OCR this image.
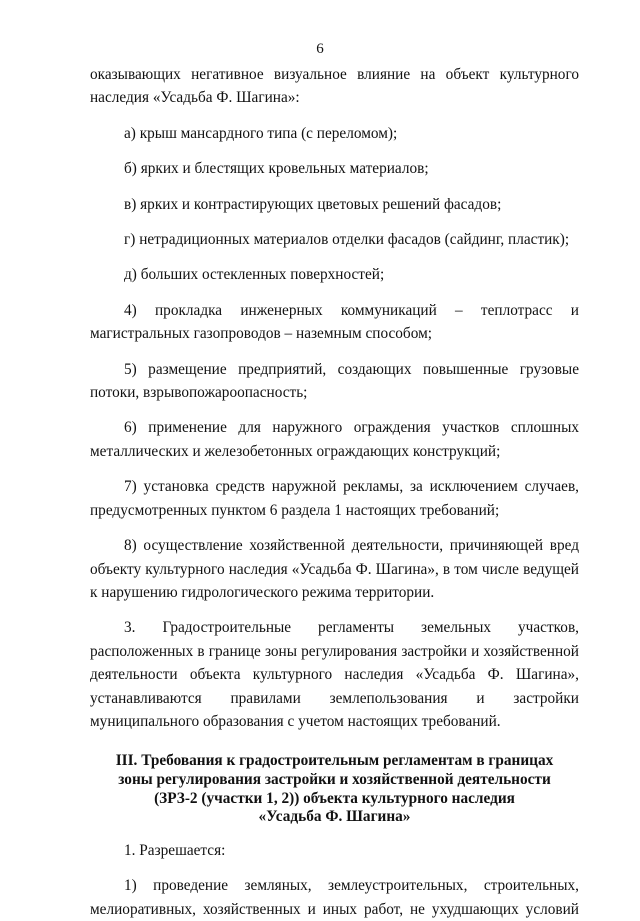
6

оказывающих негативное визуальное влияние на объект культурного наследия «Усадьба Ф. Шагина»:

а) крыш мансардного типа (с переломом);

б) ярких и блестящих кровельных материалов;

в) ярких и контрастирующих цветовых решений фасадов;

г) нетрадиционных материалов отделки фасадов (сайдинг, пластик);

д) больших остекленных поверхностей;

4) прокладка инженерных коммуникаций – теплотрасс и магистральных газопроводов – наземным способом;

5) размещение предприятий, создающих повышенные грузовые потоки, взрывопожароопасность;

6) применение для наружного ограждения участков сплошных металлических и железобетонных ограждающих конструкций;

7) установка средств наружной рекламы, за исключением случаев, предусмотренных пунктом 6 раздела 1 настоящих требований;

8) осуществление хозяйственной деятельности, причиняющей вред объекту культурного наследия «Усадьба Ф. Шагина», в том числе ведущей к нарушению гидрологического режима территории.

3. Градостроительные регламенты земельных участков, расположенных в границе зоны регулирования застройки и хозяйственной деятельности объекта культурного наследия «Усадьба Ф. Шагина», устанавливаются правилами землепользования и застройки муниципального образования с учетом настоящих требований.

III. Требования к градостроительным регламентам в границах
зоны регулирования застройки и хозяйственной деятельности
(ЗРЗ-2 (участки 1, 2)) объекта культурного наследия
«Усадьба Ф. Шагина»

1. Разрешается:

1) проведение земляных, землеустроительных, строительных, мелиоративных, хозяйственных и иных работ, не ухудшающих условий
